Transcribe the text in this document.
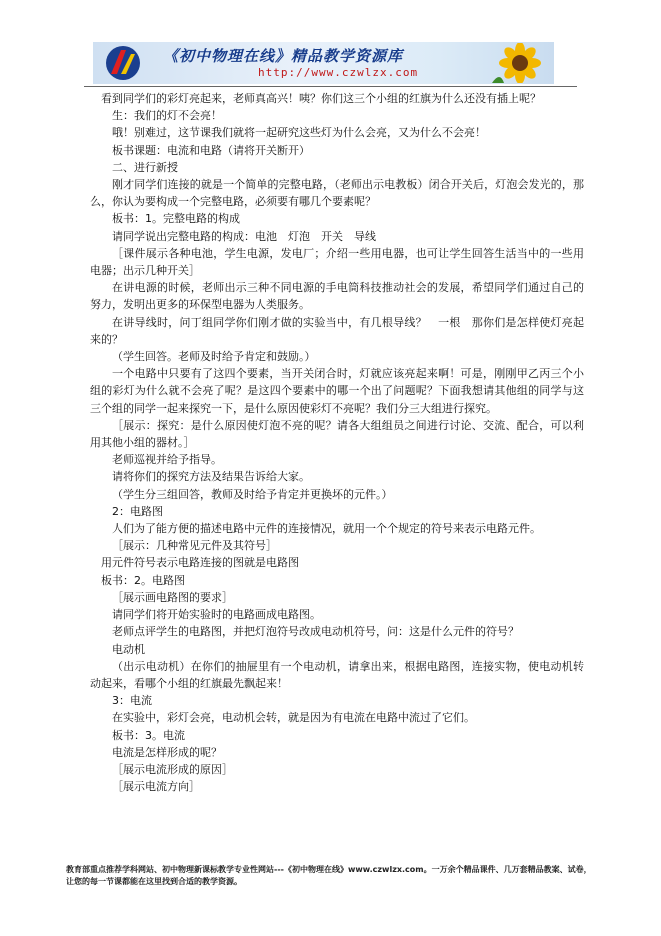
《初中物理在线》精品教学资源库
http://www.czwlzx.com

看到同学们的彩灯亮起来，老师真高兴！咦？你们这三个小组的红旗为什么还没有插上呢？

生：我们的灯不会亮！

哦！别难过，这节课我们就将一起研究这些灯为什么会亮，又为什么不会亮！

板书课题：电流和电路（请将开关断开）

二、进行新授

刚才同学们连接的就是一个简单的完整电路，（老师出示电教板）闭合开关后，灯泡会发光的，那么，你认为要构成一个完整电路，必须要有哪几个要素呢？

板书：1。完整电路的构成

请同学说出完整电路的构成：电池　灯泡　开关　导线

［课件展示各种电池，学生电源，发电厂；介绍一些用电器，也可让学生回答生活当中的一些用电器；出示几种开关］

在讲电源的时候，老师出示三种不同电源的手电筒科技推动社会的发展，希望同学们通过自己的努力，发明出更多的环保型电器为人类服务。

在讲导线时，问丁组同学你们刚才做的实验当中，有几根导线？　一根　那你们是怎样使灯亮起来的？

（学生回答。老师及时给予肯定和鼓励。）

一个电路中只要有了这四个要素，当开关闭合时，灯就应该亮起来啊！可是，刚刚甲乙丙三个小组的彩灯为什么就不会亮了呢？是这四个要素中的哪一个出了问题呢？下面我想请其他组的同学与这三个组的同学一起来探究一下，是什么原因使彩灯不亮呢？我们分三大组进行探究。

［展示：探究：是什么原因使灯泡不亮的呢？请各大组组员之间进行讨论、交流、配合，可以利用其他小组的器材。］

老师巡视并给予指导。

请将你们的探究方法及结果告诉给大家。

（学生分三组回答，教师及时给予肯定并更换坏的元件。）

2：电路图

人们为了能方便的描述电路中元件的连接情况，就用一个个规定的符号来表示电路元件。

［展示：几种常见元件及其符号］

用元件符号表示电路连接的图就是电路图

板书：2。电路图

［展示画电路图的要求］

请同学们将开始实验时的电路画成电路图。

老师点评学生的电路图，并把灯泡符号改成电动机符号，问：这是什么元件的符号？

电动机

（出示电动机）在你们的抽屉里有一个电动机，请拿出来，根据电路图，连接实物，使电动机转动起来，看哪个小组的红旗最先飘起来！

3：电流

在实验中，彩灯会亮，电动机会转，就是因为有电流在电路中流过了它们。

板书：3。电流

电流是怎样形成的呢？

［展示电流形成的原因］

［展示电流方向］

教育部重点推荐学科网站、初中物理新课标教学专业性网站---《初中物理在线》www.czwlzx.com。一万余个精品课件、几万套精品教案、试卷，让您的每一节课都能在这里找到合适的教学资源。
